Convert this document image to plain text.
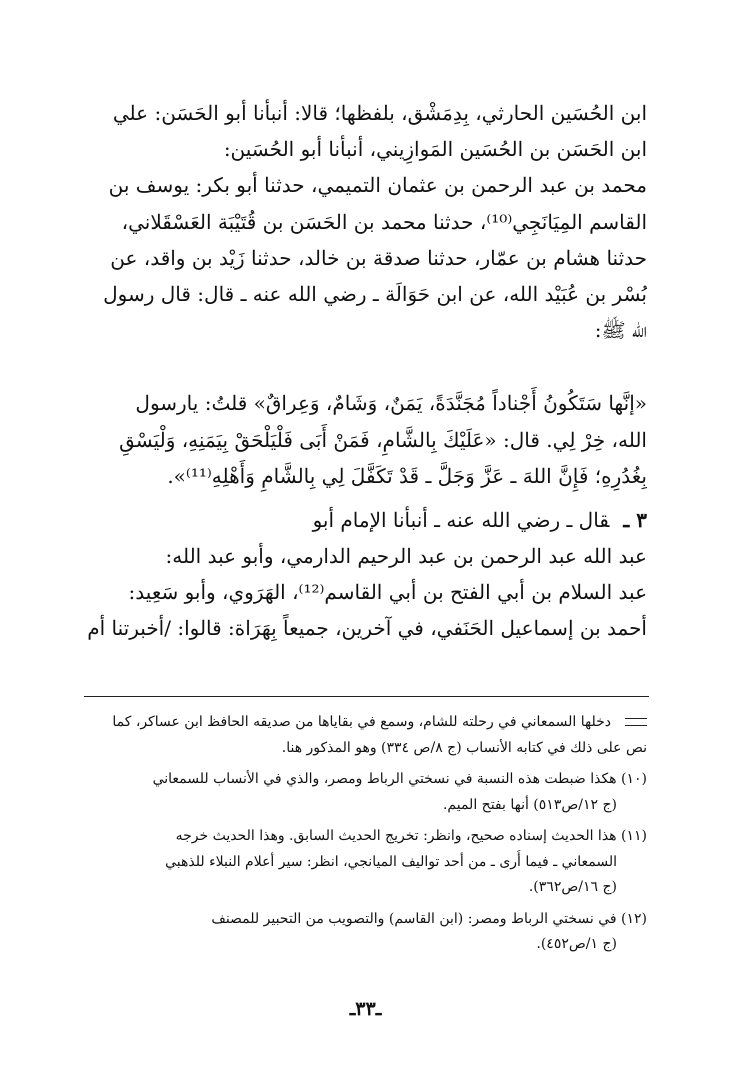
ابن الحُسَين الحارثي، بِدِمَشْق، بلفظها؛ قالا: أنبأنا أبو الحَسَن: علي
ابن الحَسَن بن الحُسَين المَوازِيني، أنبأنا أبو الحُسَين:
محمد بن عبد الرحمن بن عثمان التميمي، حدثنا أبو بكر: يوسف بن
القاسم المِيَانَجِي⁽¹⁰⁾، حدثنا محمد بن الحَسَن بن قُتَيْبَة العَسْقَلاني،
حدثنا هشام بن عمّار، حدثنا صدقة بن خالد، حدثنا زَيْد بن واقد، عن
بُسْر بن عُبَيْد الله، عن ابن حَوَالَة ـ رضي الله عنه ـ قال: قال رسول
الله ﷺ:
«إنَّها سَتَكُونُ أَجْناداً مُجَنَّدَةً، يَمَنٌ، وَشَامٌ، وَعِراقٌ» قلتُ: يارسول
الله، خِرْ لِي. قال: «عَلَيْكَ بِالشَّامِ، فَمَنْ أَبَى فَلْيَلْحَقْ بِيَمَنِهِ، وَلْيَسْقِ
بِغُدُرِهِ؛ فَإِنَّ اللهَ ـ عَزَّ وَجَلَّ ـ قَدْ تَكَفَّلَ لِي بِالشَّامِ وَأَهْلِهِ⁽¹¹⁾».
٣ ـقال ـ رضي الله عنه ـ أنبأنا الإمام أبو
عبد الله عبد الرحمن بن عبد الرحيم الدارمي، وأبو عبد الله:
عبد السلام بن أبي الفتح بن أبي القاسم⁽¹²⁾، الهَرَوي، وأبو سَعِيد:
أحمد بن إسماعيل الحَنَفي، في آخرين، جميعاً بِهَرَاة: قالوا: /أخبرتنا أم
دخلها السمعاني في رحلته للشام، وسمع في بقاياها من صديقه الحافظ ابن عساكر، كما
نص على ذلك في كتابه الأنساب (ج ٨/ص ٣٣٤) وهو المذكور هنا.
(١٠) هكذا ضبطت هذه النسبة في نسختي الرباط ومصر، والذي في الأنساب للسمعاني
(ج ١٢/ص٥١٣) أنها بفتح الميم.
(١١) هذا الحديث إسناده صحيح، وانظر: تخريج الحديث السابق. وهذا الحديث خرجه
السمعاني ـ فيما أُرى ـ من أحد تواليف الميانجي، انظر: سير أعلام النبلاء للذهبي
(ج ١٦/ص٣٦٢).
(١٢) في نسختي الرباط ومصر: (ابن القاسم) والتصويب من التحبير للمصنف
(ج ١/ص٤٥٢).
ـ٣٣ـ
